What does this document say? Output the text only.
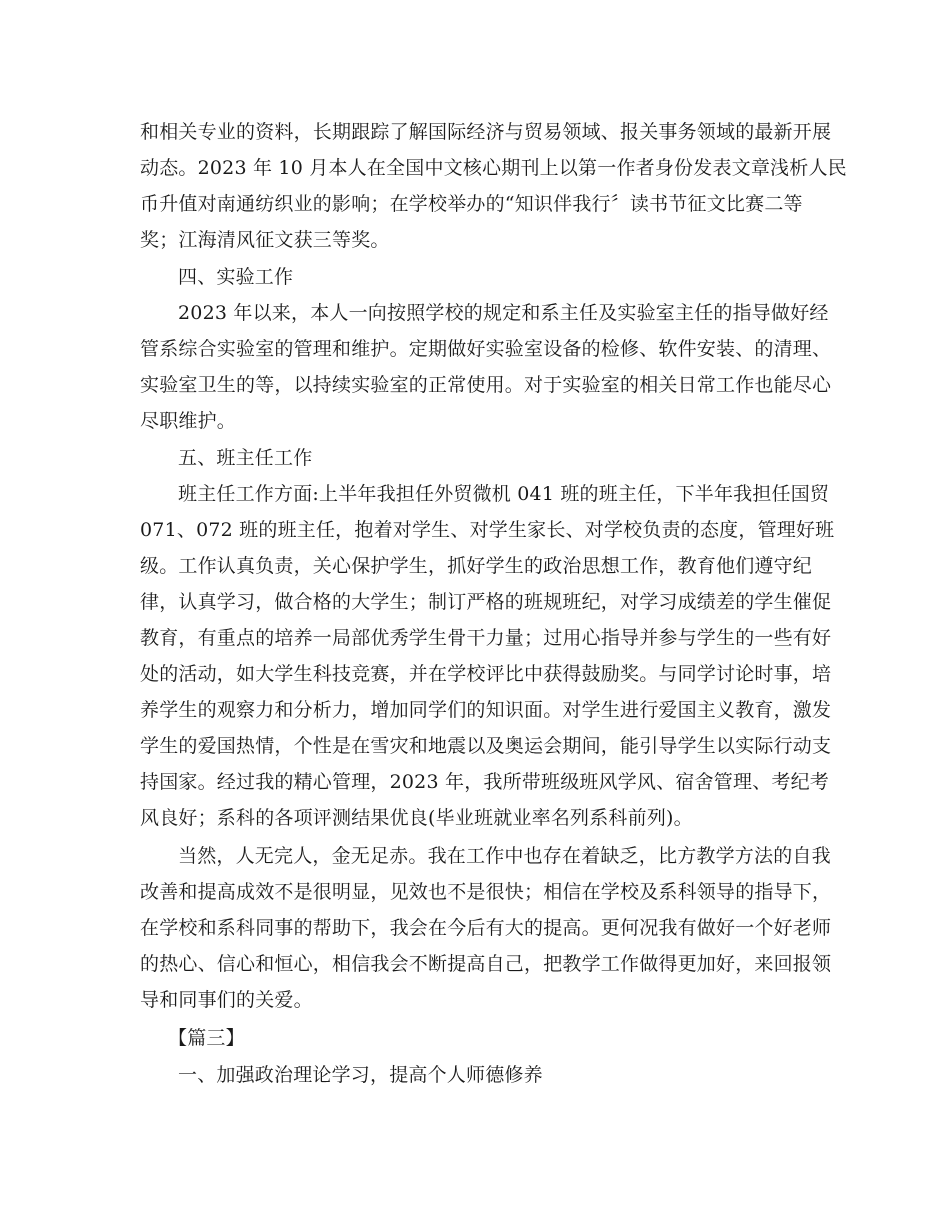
和相关专业的资料，长期跟踪了解国际经济与贸易领域、报关事务领域的最新开展
动态。2023 年 10 月本人在全国中文核心期刊上以第一作者身份发表文章浅析人民
币升值对南通纺织业的影响；在学校举办的“知识伴我行〞读书节征文比赛二等
奖；江海清风征文获三等奖。
四、实验工作
2023 年以来，本人一向按照学校的规定和系主任及实验室主任的指导做好经
管系综合实验室的管理和维护。定期做好实验室设备的检修、软件安装、的清理、
实验室卫生的等，以持续实验室的正常使用。对于实验室的相关日常工作也能尽心
尽职维护。
五、班主任工作
班主任工作方面:上半年我担任外贸微机 041 班的班主任，下半年我担任国贸
071、072 班的班主任，抱着对学生、对学生家长、对学校负责的态度，管理好班
级。工作认真负责，关心保护学生，抓好学生的政治思想工作，教育他们遵守纪
律，认真学习，做合格的大学生；制订严格的班规班纪，对学习成绩差的学生催促
教育，有重点的培养一局部优秀学生骨干力量；过用心指导并参与学生的一些有好
处的活动，如大学生科技竞赛，并在学校评比中获得鼓励奖。与同学讨论时事，培
养学生的观察力和分析力，增加同学们的知识面。对学生进行爱国主义教育，激发
学生的爱国热情，个性是在雪灾和地震以及奥运会期间，能引导学生以实际行动支
持国家。经过我的精心管理，2023 年，我所带班级班风学风、宿舍管理、考纪考
风良好；系科的各项评测结果优良(毕业班就业率名列系科前列)。
当然，人无完人，金无足赤。我在工作中也存在着缺乏，比方教学方法的自我
改善和提高成效不是很明显，见效也不是很快；相信在学校及系科领导的指导下，
在学校和系科同事的帮助下，我会在今后有大的提高。更何况我有做好一个好老师
的热心、信心和恒心，相信我会不断提高自己，把教学工作做得更加好，来回报领
导和同事们的关爱。
【篇三】
一、加强政治理论学习，提高个人师德修养
